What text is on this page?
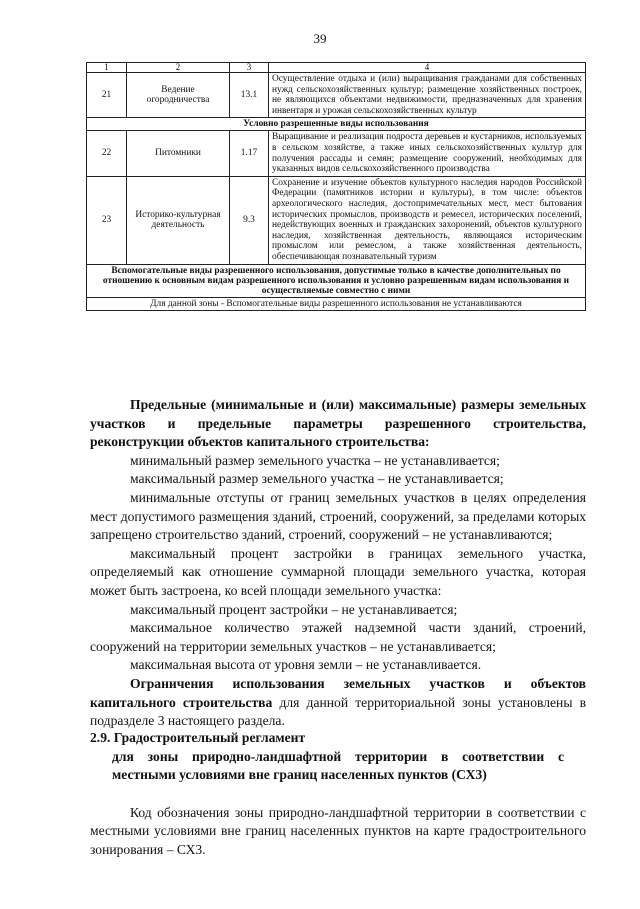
39
1	2	3	4
21	Ведение огородничества	13.1	Осуществление отдыха и (или) выращивания гражданами для собственных нужд сельскохозяйственных культур; размещение хозяйственных построек, не являющихся объектами недвижимости, предназначенных для хранения инвентаря и урожая сельскохозяйственных культур
Условно разрешенные виды использования			
22	Питомники	1.17	Выращивание и реализация подроста деревьев и кустарников, используемых в сельском хозяйстве, а также иных сельскохозяйственных культур для получения рассады и семян; размещение сооружений, необходимых для указанных видов сельскохозяйственного производства
23	Историко-культурная деятельность	9.3	Сохранение и изучение объектов культурного наследия народов Российской Федерации (памятников истории и культуры), в том числе: объектов археологического наследия, достопримечательных мест, мест бытования исторических промыслов, производств и ремесел, исторических поселений, недействующих военных и гражданских захоронений, объектов культурного наследия, хозяйственная деятельность, являющаяся историческим промыслом или ремеслом, а также хозяйственная деятельность, обеспечивающая познавательный туризм
Вспомогательные виды разрешенного использования, допустимые только в качестве дополнительных по отношению к основным видам разрешенного использования и условно разрешенным видам использования и осуществляемые совместно с ними			
Для данной зоны - Вспомогательные виды разрешенного использования не устанавливаются			

Предельные (минимальные и (или) максимальные) размеры земельных участков и предельные параметры разрешенного строительства, реконструкции объектов капитального строительства:

минимальный размер земельного участка – не устанавливается;

максимальный размер земельного участка – не устанавливается;

минимальные отступы от границ земельных участков в целях определения мест допустимого размещения зданий, строений, сооружений, за пределами которых запрещено строительство зданий, строений, сооружений – не устанавливаются;

максимальный процент застройки в границах земельного участка, определяемый как отношение суммарной площади земельного участка, которая может быть застроена, ко всей площади земельного участка:

максимальный процент застройки – не устанавливается;

максимальное количество этажей надземной части зданий, строений, сооружений на территории земельных участков – не устанавливается;

максимальная высота от уровня земли – не устанавливается.

Ограничения использования земельных участков и объектов капитального строительства для данной территориальной зоны установлены в подразделе 3 настоящего раздела.

2.9. Градостроительный регламент

для зоны природно-ландшафтной территории в соответствии с местными условиями вне границ населенных пунктов (СХ3)

Код обозначения зоны природно-ландшафтной территории в соответствии с местными условиями вне границ населенных пунктов на карте градостроительного зонирования – СХ3.
